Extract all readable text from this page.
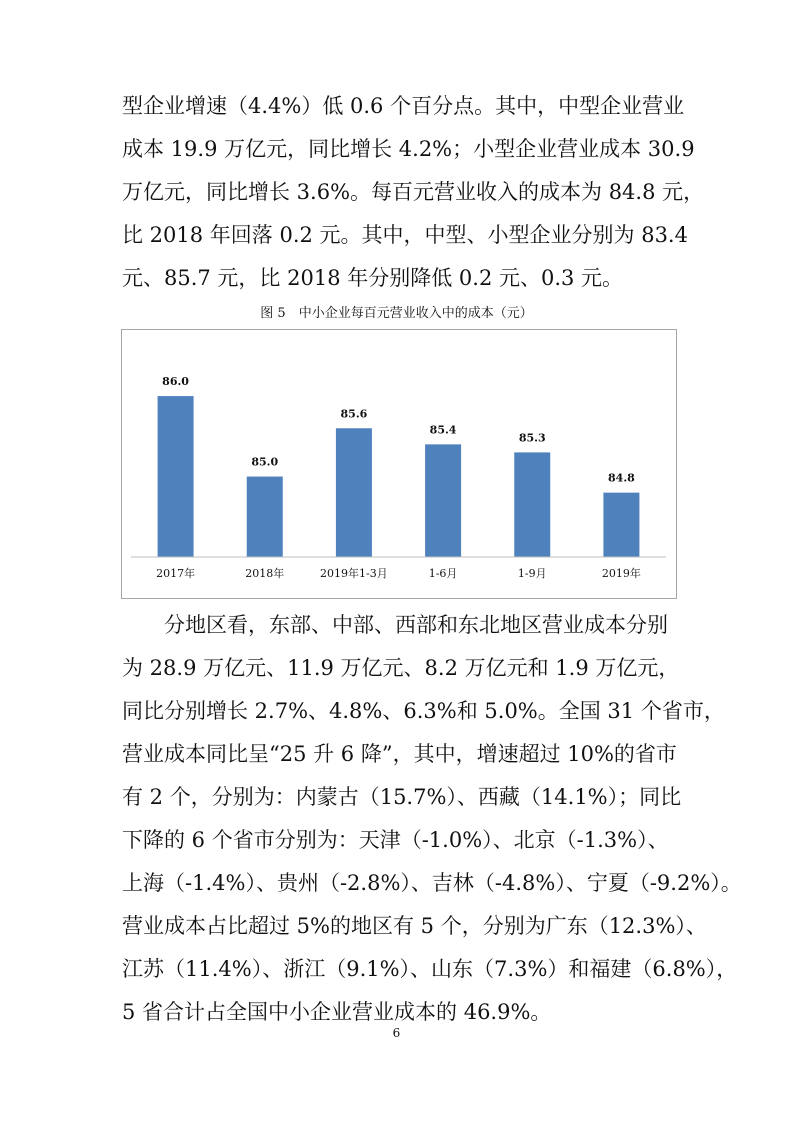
型企业增速（4.4%）低 0.6 个百分点。其中，中型企业营业
成本 19.9 万亿元，同比增长 4.2%；小型企业营业成本 30.9
万亿元，同比增长 3.6%。每百元营业收入的成本为 84.8 元，
比 2018 年回落 0.2 元。其中，中型、小型企业分别为 83.4
元、85.7 元，比 2018 年分别降低 0.2 元、0.3 元。
图 5　中小企业每百元营业收入中的成本（元）
86.0
85.0
85.6
85.4
85.3
84.8
2017年	2018年	2019年1-3月	1-6月	1-9月	2019年
分地区看，东部、中部、西部和东北地区营业成本分别
为 28.9 万亿元、11.9 万亿元、8.2 万亿元和 1.9 万亿元，
同比分别增长 2.7%、4.8%、6.3%和 5.0%。全国 31 个省市，
营业成本同比呈“25 升 6 降”，其中，增速超过 10%的省市
有 2 个，分别为：内蒙古（15.7%）、西藏（14.1%）；同比
下降的 6 个省市分别为：天津（-1.0%）、北京（-1.3%）、
上海（-1.4%）、贵州（-2.8%）、吉林（-4.8%）、宁夏（-9.2%）。
营业成本占比超过 5%的地区有 5 个，分别为广东（12.3%）、
江苏（11.4%）、浙江（9.1%）、山东（7.3%）和福建（6.8%），
5 省合计占全国中小企业营业成本的 46.9%。
6
